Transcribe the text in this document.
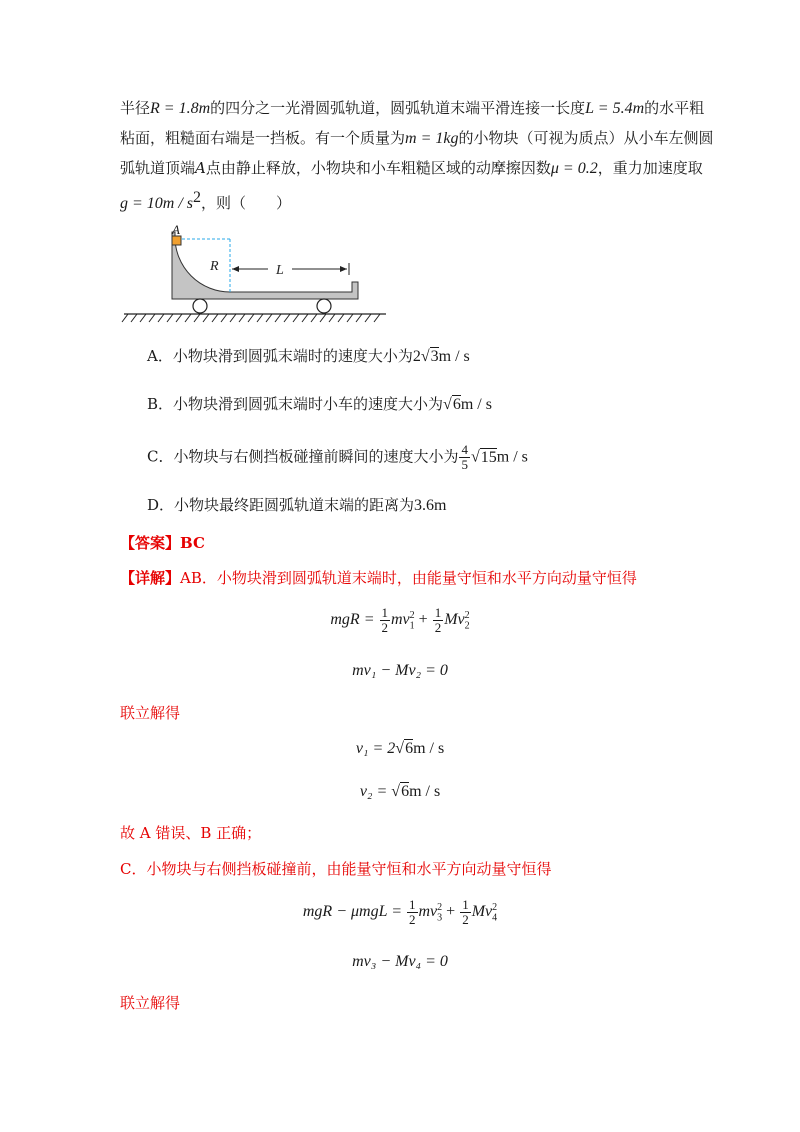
半径R = 1.8m的四分之一光滑圆弧轨道，圆弧轨道末端平滑连接一长度L = 5.4m的水平粗
粘面，粗糙面右端是一挡板。有一个质量为m = 1kg的小物块（可视为质点）从小车左侧圆
弧轨道顶端A点由静止释放，小物块和小车粗糙区域的动摩擦因数μ = 0.2，重力加速度取
$g = 10m / s^2$，则（　　）
A
R	L
A．小物块滑到圆弧末端时的速度大小为2√3m / s
B．小物块滑到圆弧末端时小车的速度大小为√6m / s
C．小物块与右侧挡板碰撞前瞬间的速度大小为 $\frac{4}{5} √15m$ / s
D．小物块最终距圆弧轨道末端的距离为3.6m
【答案】BC
【详解】AB．小物块滑到圆弧轨道末端时，由能量守恒和水平方向动量守恒得
mgR = $\frac{1}{2} mv_1^2 + \frac{1}{2} Mv_2^2$
mv₁ − Mv₂ = 0
联立解得
v₁ = 2√6m / s
v₂ = √6m / s
故 A 错误、B 正确；
C．小物块与右侧挡板碰撞前，由能量守恒和水平方向动量守恒得
mgR − $\mu mgL = \frac{1}{2} mv_3^2 + \frac{1}{2} Mv_4^2$
mv₃ − Mv₄ = 0
联立解得
